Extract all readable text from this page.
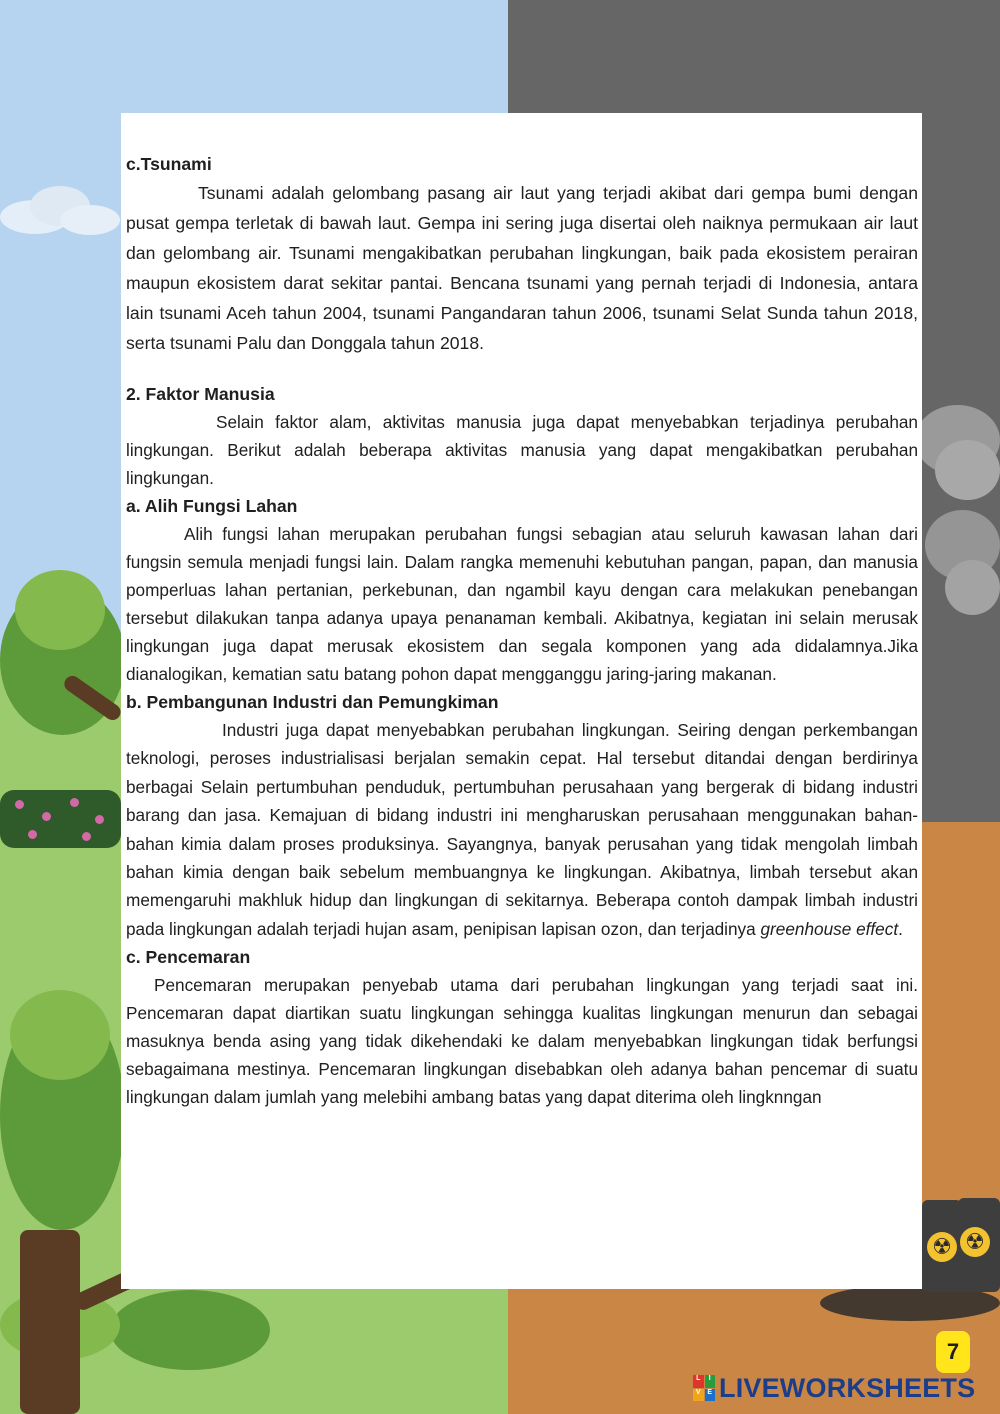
☢ ☢
c.Tsunami

Tsunami adalah gelombang pasang air laut yang terjadi akibat dari gempa bumi dengan pusat gempa terletak di bawah laut. Gempa ini sering juga disertai oleh naiknya permukaan air laut dan gelombang air. Tsunami mengakibatkan perubahan lingkungan, baik pada ekosistem perairan maupun ekosistem darat sekitar pantai. Bencana tsunami yang pernah terjadi di Indonesia, antara lain tsunami Aceh tahun 2004, tsunami Pangandaran tahun 2006, tsunami Selat Sunda tahun 2018, serta tsunami Palu dan Donggala tahun 2018.

2. Faktor Manusia

Selain faktor alam, aktivitas manusia juga dapat menyebabkan terjadinya perubahan lingkungan. Berikut adalah beberapa aktivitas manusia yang dapat mengakibatkan perubahan lingkungan.

a. Alih Fungsi Lahan

Alih fungsi lahan merupakan perubahan fungsi sebagian atau seluruh kawasan lahan dari fungsin semula menjadi fungsi lain. Dalam rangka memenuhi kebutuhan pangan, papan, dan manusia pomperluas lahan pertanian, perkebunan, dan ngambil kayu dengan cara melakukan penebangan tersebut dilakukan tanpa adanya upaya penanaman kembali. Akibatnya, kegiatan ini selain merusak lingkungan juga dapat merusak ekosistem dan segala komponen yang ada didalamnya.Jika dianalogikan, kematian satu batang pohon dapat mengganggu jaring-jaring makanan.

b. Pembangunan Industri dan Pemungkiman

Industri juga dapat menyebabkan perubahan lingkungan. Seiring dengan perkembangan teknologi, peroses industrialisasi berjalan semakin cepat. Hal tersebut ditandai dengan berdirinya berbagai Selain pertumbuhan penduduk, pertumbuhan perusahaan yang bergerak di bidang industri barang dan jasa. Kemajuan di bidang industri ini mengharuskan perusahaan menggunakan bahan-bahan kimia dalam proses produksinya. Sayangnya, banyak perusahan yang tidak mengolah limbah bahan kimia dengan baik sebelum membuangnya ke lingkungan. Akibatnya, limbah tersebut akan memengaruhi makhluk hidup dan lingkungan di sekitarnya. Beberapa contoh dampak limbah industri pada lingkungan adalah terjadi hujan asam, penipisan lapisan ozon, dan terjadinya greenhouse effect.

c. Pencemaran

Pencemaran merupakan penyebab utama dari perubahan lingkungan yang terjadi saat ini. Pencemaran dapat diartikan suatu lingkungan sehingga kualitas lingkungan menurun dan sebagai masuknya benda asing yang tidak dikehendaki ke dalam menyebabkan lingkungan tidak berfungsi sebagaimana mestinya. Pencemaran lingkungan disebabkan oleh adanya bahan pencemar di suatu lingkungan dalam jumlah yang melebihi ambang batas yang dapat diterima oleh lingknngan

7
L	I
V E LIVEWORKSHEETS
